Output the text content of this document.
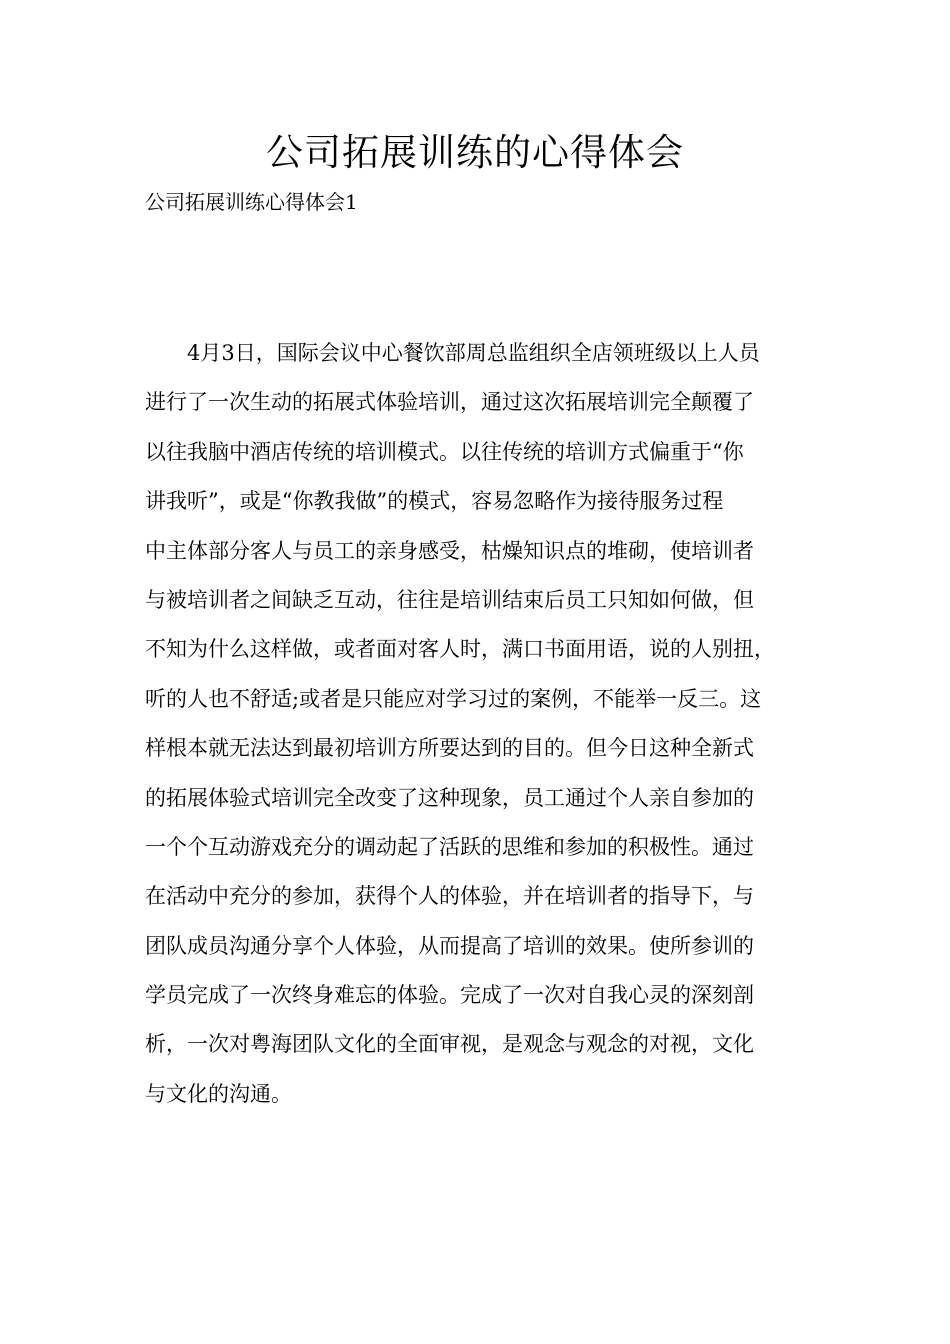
公司拓展训练的心得体会

公司拓展训练心得体会1

4月3日，国际会议中心餐饮部周总监组织全店领班级以上人员
进行了一次生动的拓展式体验培训，通过这次拓展培训完全颠覆了
以往我脑中酒店传统的培训模式。以往传统的培训方式偏重于“你
讲我听”，或是“你教我做”的模式，容易忽略作为接待服务过程
中主体部分客人与员工的亲身感受，枯燥知识点的堆砌，使培训者
与被培训者之间缺乏互动，往往是培训结束后员工只知如何做，但
不知为什么这样做，或者面对客人时，满口书面用语，说的人别扭，
听的人也不舒适;或者是只能应对学习过的案例，不能举一反三。这
样根本就无法达到最初培训方所要达到的目的。但今日这种全新式
的拓展体验式培训完全改变了这种现象，员工通过个人亲自参加的
一个个互动游戏充分的调动起了活跃的思维和参加的积极性。通过
在活动中充分的参加，获得个人的体验，并在培训者的指导下，与
团队成员沟通分享个人体验，从而提高了培训的效果。使所参训的
学员完成了一次终身难忘的体验。完成了一次对自我心灵的深刻剖
析，一次对粤海团队文化的全面审视，是观念与观念的对视，文化
与文化的沟通。
